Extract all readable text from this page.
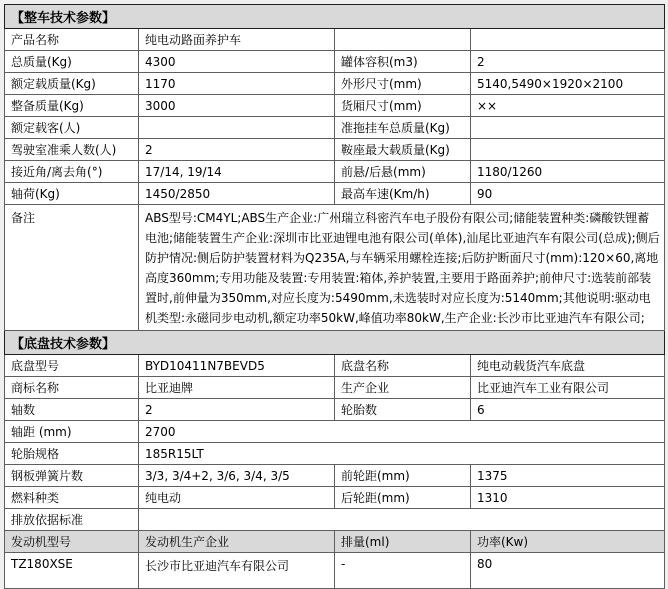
【整车技术参数】			
产品名称	纯电动路面养护车		
总质量(Kg)	4300	罐体容积(m3)	2
额定载质量(Kg)	1170	外形尺寸(mm)	5140,5490×1920×2100
整备质量(Kg)	3000	货厢尺寸(mm)	××
额定载客(人)		准拖挂车总质量(Kg)	
驾驶室准乘人数(人)	2	鞍座最大载质量(Kg)	
接近角/离去角(°)	17/14, 19/14	前悬/后悬(mm)	1180/1260
轴荷(Kg)	1450/2850	最高车速(Km/h)	90
备注	ABS型号:CM4YL;ABS生产企业:广州瑞立科密汽车电子股份有限公司;储能装置种类:磷酸铁锂蓄电池;储能装置生产企业:深圳市比亚迪锂电池有限公司(单体),汕尾比亚迪汽车有限公司(总成);侧后防护情况:侧后防护装置材料为Q235A,与车辆采用螺栓连接;后防护断面尺寸(mm):120×60,离地高度360mm;专用功能及装置:专用装置:箱体,养护装置,主要用于路面养护;前伸尺寸:选装前部装置时,前伸量为350mm,对应长度为:5490mm,未选装时对应长度为:5140mm;其他说明:驱动电机类型:永磁同步电动机,额定功率50kW,峰值功率80kW,生产企业:长沙市比亚迪汽车有限公司;		
【底盘技术参数】			
底盘型号	BYD10411N7BEVD5	底盘名称	纯电动载货汽车底盘
商标名称	比亚迪牌	生产企业	比亚迪汽车工业有限公司
轴数	2	轮胎数	6
轴距 (mm)	2700		
轮胎规格	185R15LT		
钢板弹簧片数	3/3, 3/4+2, 3/6, 3/4, 3/5	前轮距(mm)	1375
燃料种类	纯电动	后轮距(mm)	1310
排放依据标准			
发动机型号	发动机生产企业	排量(ml)	功率(Kw)
TZ180XSE	长沙市比亚迪汽车有限公司	-	80
